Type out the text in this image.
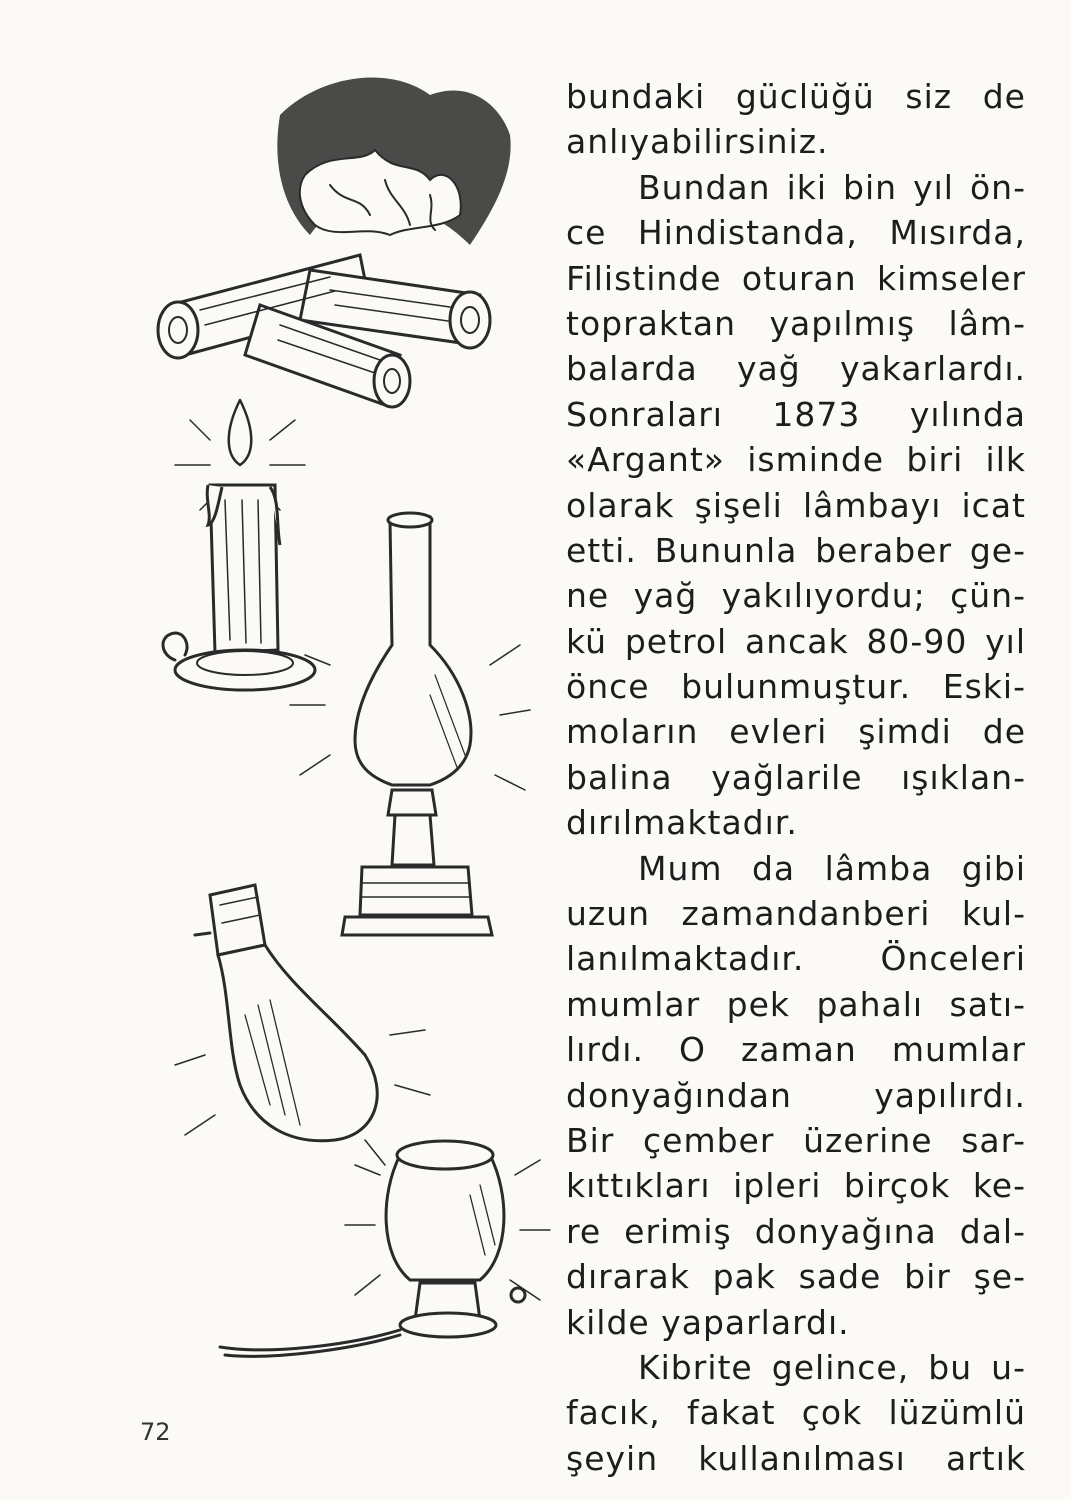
bundaki güclüğü siz de
anlıyabilirsiniz.
Bundan iki bin yıl ön-
ce Hindistanda, Mısırda,
Filistinde oturan kimseler
topraktan yapılmış lâm-
balarda yağ yakarlardı.
Sonraları 1873 yılında
«Argant» isminde biri ilk
olarak şişeli lâmbayı icat
etti. Bununla beraber ge-
ne yağ yakılıyordu; çün-
kü petrol ancak 80-90 yıl
önce bulunmuştur. Eski-
moların evleri şimdi de
balina yağlarile ışıklan-
dırılmaktadır.
Mum da lâmba gibi
uzun zamandanberi kul-
lanılmaktadır. Önceleri
mumlar pek pahalı satı-
lırdı. O zaman mumlar
donyağından yapılırdı.
Bir çember üzerine sar-
kıttıkları ipleri birçok ke-
re erimiş donyağına dal-
dırarak pak sade bir şe-
kilde yaparlardı.
Kibrite gelince, bu u-
facık, fakat çok lüzümlü
şeyin kullanılması artık
72
